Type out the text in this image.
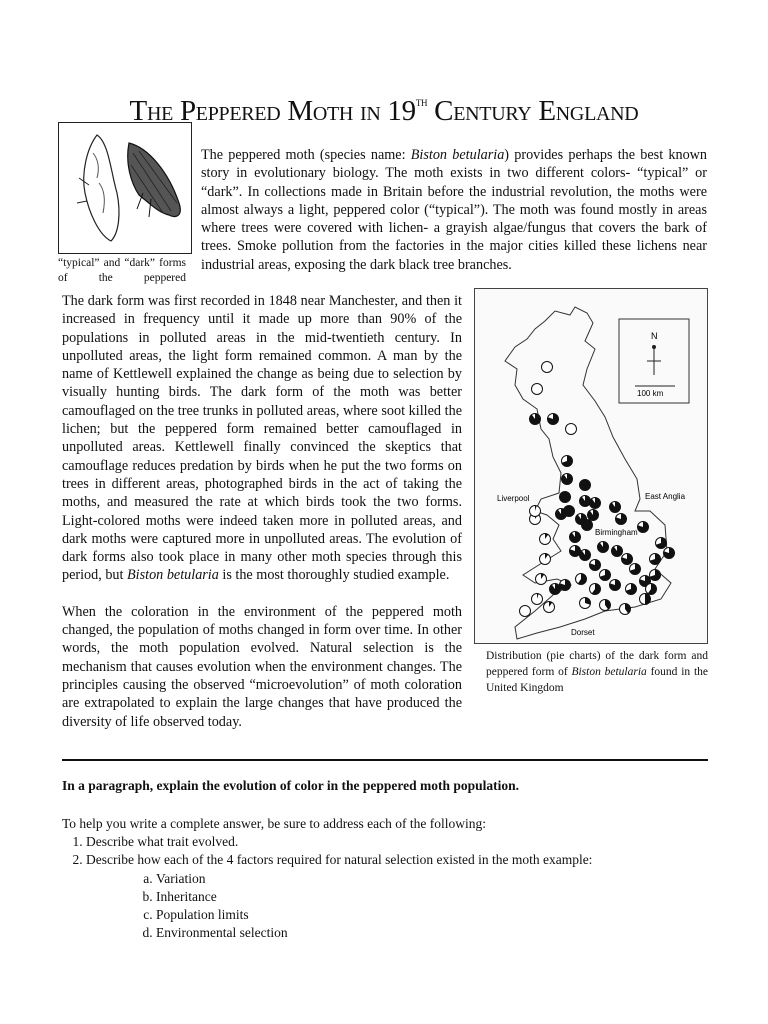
The Peppered Moth in 19th Century England
“typical” and “dark” forms of the peppered

The peppered moth (species name: Biston betularia) provides perhaps the best known story in evolutionary biology. The moth exists in two different colors- “typical” or “dark”. In collections made in Britain before the industrial revolution, the moths were almost always a light, peppered color (“typical”). The moth was found mostly in areas where trees were covered with lichen- a grayish algae/fungus that covers the bark of trees. Smoke pollution from the factories in the major cities killed these lichens near industrial areas, exposing the dark black tree branches.

N
100 km
Liverpool	East Anglia
Birmingham
Dorset
Distribution (pie charts) of the dark form and peppered form of Biston betularia found in the United Kingdom

The dark form was first recorded in 1848 near Manchester, and then it increased in frequency until it made up more than 90% of the populations in polluted areas in the mid-twentieth century. In unpolluted areas, the light form remained common. A man by the name of Kettlewell explained the change as being due to selection by visually hunting birds. The dark form of the moth was better camouflaged on the tree trunks in polluted areas, where soot killed the lichen; but the peppered form remained better camouflaged in unpolluted areas. Kettlewell finally convinced the skeptics that camouflage reduces predation by birds when he put the two forms on trees in different areas, photographed birds in the act of taking the moths, and measured the rate at which birds took the two forms. Light-colored moths were indeed taken more in polluted areas, and dark moths were captured more in unpolluted areas. The evolution of dark forms also took place in many other moth species through this period, but Biston betularia is the most thoroughly studied example.

When the coloration in the environment of the peppered moth changed, the population of moths changed in form over time. In other words, the moth population evolved. Natural selection is the mechanism that causes evolution when the environment changes. The principles causing the observed “microevolution” of moth coloration are extrapolated to explain the large changes that have produced the diversity of life observed today.

In a paragraph, explain the evolution of color in the peppered moth population.
To help you write a complete answer, be sure to address each of the following:
1. Describe what trait evolved.
2. Describe how each of the 4 factors required for natural selection existed in the moth example:
a. Variation
b. Inheritance
c. Population limits
d. Environmental selection
